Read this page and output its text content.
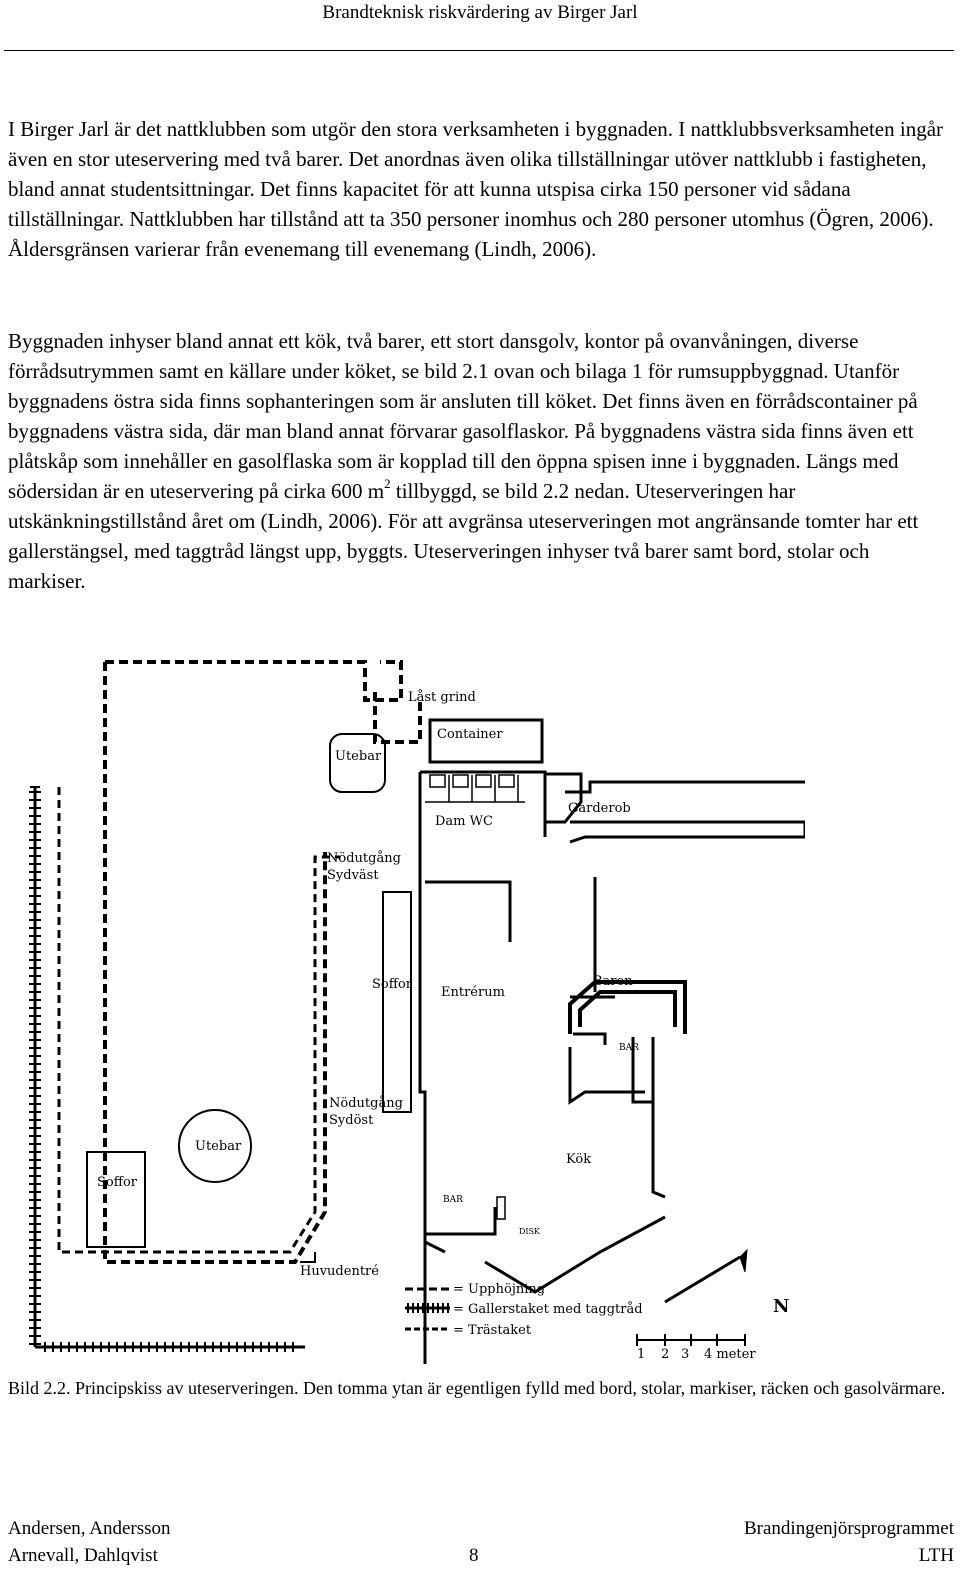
Brandteknisk riskvärdering av Birger Jarl

I Birger Jarl är det nattklubben som utgör den stora verksamheten i byggnaden. I nattklubbsverksamheten ingår även en stor uteservering med två barer. Det anordnas även olika tillställningar utöver nattklubb i fastigheten, bland annat studentsittningar. Det finns kapacitet för att kunna utspisa cirka 150 personer vid sådana tillställningar. Nattklubben har tillstånd att ta 350 personer inomhus och 280 personer utomhus (Ögren, 2006). Åldersgränsen varierar från evenemang till evenemang (Lindh, 2006).

Byggnaden inhyser bland annat ett kök, två barer, ett stort dansgolv, kontor på ovanvåningen, diverse förrådsutrymmen samt en källare under köket, se bild 2.1 ovan och bilaga 1 för rumsuppbyggnad. Utanför byggnadens östra sida finns sophanteringen som är ansluten till köket. Det finns även en förrådscontainer på byggnadens västra sida, där man bland annat förvarar gasolflaskor. På byggnadens västra sida finns även ett plåtskåp som innehåller en gasolflaska som är kopplad till den öppna spisen inne i byggnaden. Längs med södersidan är en uteservering på cirka 600 $m^2$ tillbyggd, se bild 2.2 nedan. Uteserveringen har utskänkningstillstånd året om (Lindh, 2006). För att avgränsa uteserveringen mot angränsande tomter har ett gallerstängsel, med taggtråd längst upp, byggts. Uteserveringen inhyser två barer samt bord, stolar och markiser.

Låst grind
Container
Utebar
Dam WC
Garderob
Nödutgång
Sydväst
Soffor
Entrérum
Baren
BAR
Nödutgång
Sydöst
Utebar
Kök
Soffor
BAR
DISK
Huvudentré
N
= Upphöjning
= Gallerstaket med taggtråd
= Trästaket
1 2 3 4 meter
Bild 2.2. Principskiss av uteserveringen. Den tomma ytan är egentligen fylld med bord, stolar, markiser, räcken och gasolvärmare.
Andersen, Andersson	Brandingenjörsprogrammet
Arnevall, Dahlqvist	8	LTH
